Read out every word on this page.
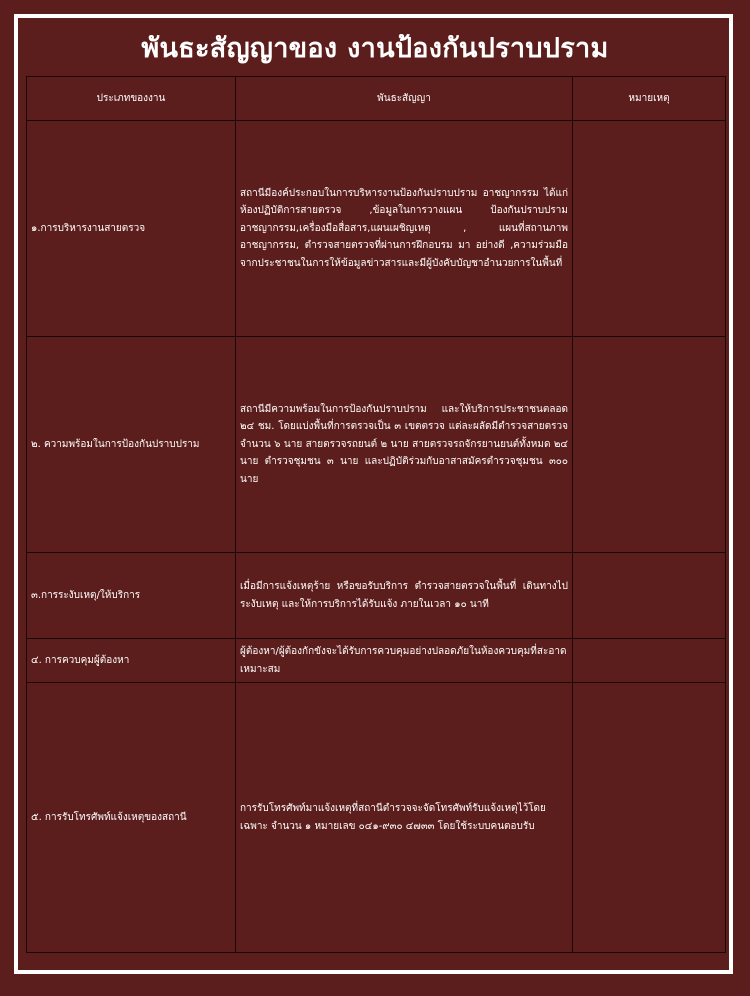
พันธะสัญญาของ งานป้องกันปราบปราม
ประเภทของงาน	พันธะสัญญา	หมายเหตุ
๑.การบริหารงานสายตรวจ	สถานีมีองค์ประกอบในการบริหารงานป้องกันปราบปราม อาชญากรรม ได้แก่ ห้องปฏิบัติการสายตรวจ ,ข้อมูลในการวางแผน ป้องกันปราบปรามอาชญากรรม,เครื่องมือสื่อสาร,แผนเผชิญเหตุ , แผนที่สถานภาพอาชญากรรม, ตำรวจสายตรวจที่ผ่านการฝึกอบรม มา อย่างดี ,ความร่วมมือจากประชาชนในการให้ข้อมูลข่าวสารและมีผู้บังคับบัญชาอำนวยการในพื้นที่	
๒. ความพร้อมในการป้องกันปราบปราม	สถานีมีความพร้อมในการป้องกันปราบปราม และให้บริการประชาชนตลอด ๒๔ ชม. โดยแบ่งพื้นที่การตรวจเป็น ๓ เขตตรวจ แต่ละผลัดมีตำรวจสายตรวจ จำนวน ๖ นาย สายตรวจรถยนต์ ๒ นาย สายตรวจรถจักรยานยนต์ทั้งหมด ๒๔ นาย ตำรวจชุมชน ๓ นาย และปฏิบัติร่วมกับอาสาสมัครตำรวจชุมชน ๓๐๐ นาย	
๓.การระงับเหตุ/ให้บริการ	เมื่อมีการแจ้งเหตุร้าย หรือขอรับบริการ ตำรวจสายตรวจในพื้นที่ เดินทางไประงับเหตุ และให้การบริการได้รับแจ้ง ภายในเวลา ๑๐ นาที	
๔. การควบคุมผู้ต้องหา	ผู้ต้องหา/ผู้ต้องกักขังจะได้รับการควบคุมอย่างปลอดภัยในห้องควบคุมที่สะอาดเหมาะสม	
๕. การรับโทรศัพท์แจ้งเหตุของสถานี	การรับโทรศัพท์มาแจ้งเหตุที่สถานีตำรวจจะจัดโทรศัพท์รับแจ้งเหตุไว้โดยเฉพาะ จำนวน ๑ หมายเลข ๐๔๑-๙๓๐ ๔๗๓๓ โดยใช้ระบบคนตอบรับ	
